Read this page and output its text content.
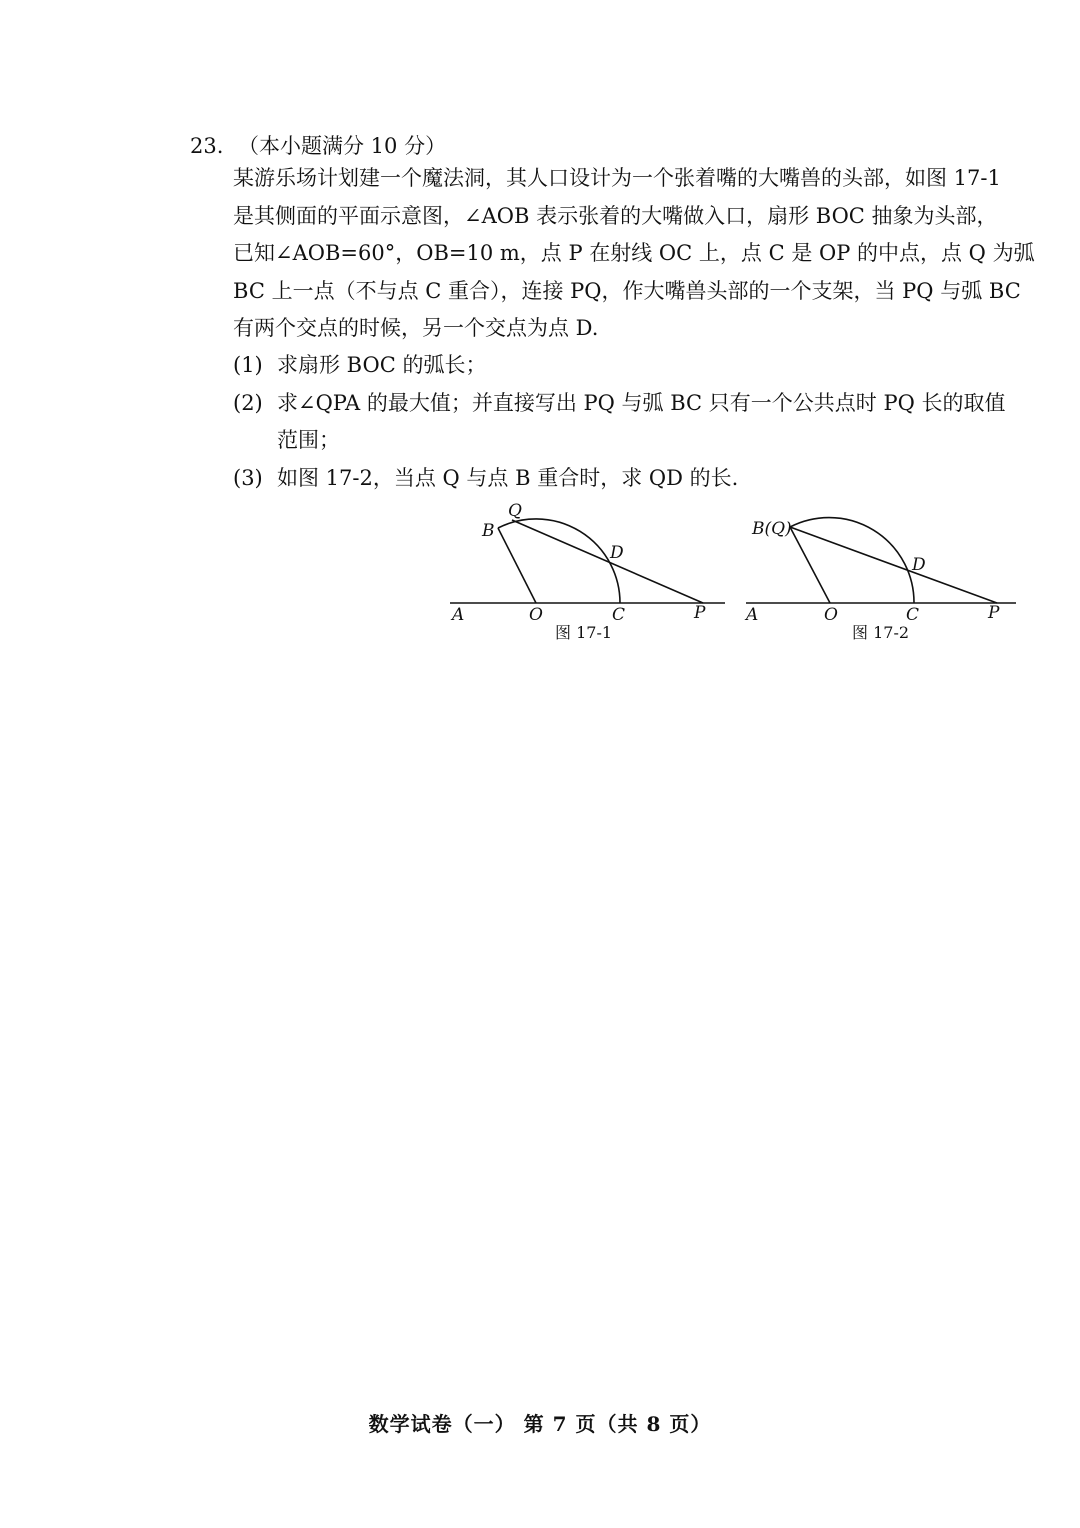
23. （本小题满分 10 分）
某游乐场计划建一个魔法洞，其人口设计为一个张着嘴的大嘴兽的头部，如图 17-1
是其侧面的平面示意图，∠AOB 表示张着的大嘴做入口，扇形 BOC 抽象为头部，
已知∠AOB=60°，OB=10 m，点 P 在射线 OC 上，点 C 是 OP 的中点，点 Q 为弧
BC 上一点（不与点 C 重合），连接 PQ，作大嘴兽头部的一个支架，当 PQ 与弧 BC
有两个交点的时候，另一个交点为点 D.
(1) 求扇形 BOC 的弧长；
(2) 求∠QPA 的最大值；并直接写出 PQ 与弧 BC 只有一个公共点时 PQ 长的取值
范围；
(3) 如图 17-2，当点 Q 与点 B 重合时，求 QD 的长.
A	O	C	P
B
Q
D
图 17-1
A	O	C	P
B(Q)
D
图 17-2
数学试卷（一） 第 7 页（共 8 页）
